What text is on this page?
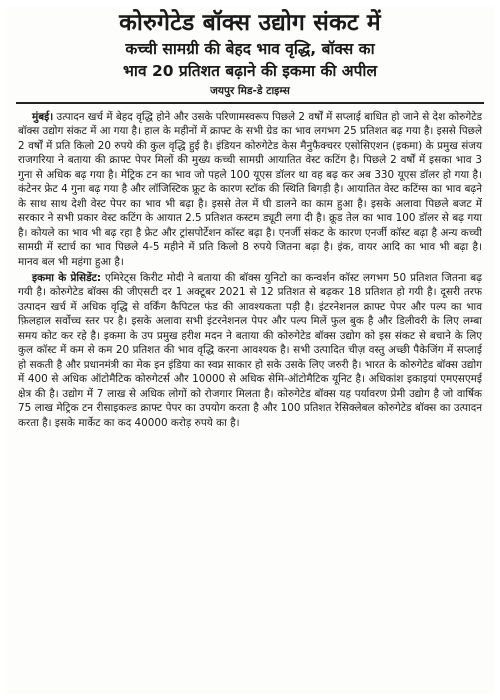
कोरुगेटेड बॉक्स उद्योग संकट में
कच्ची सामग्री की बेहद भाव वृद्धि, बॉक्स का
भाव 20 प्रतिशत बढ़ाने की इकमा की अपील
जयपुर मिड-डे टाइम्स

मुंबई। उत्पादन खर्च में बेहद वृद्धि होने और उसके परिणामस्वरूप पिछले 2 वर्षों में सप्लाई बाधित हो जाने से देश कोरुगेटेड बॉक्स उद्योग संकट में आ गया है। हाल के महीनों में क्राफ्ट के सभी ग्रेड का भाव लगभग 25 प्रतिशत बढ़ गया है। इससे पिछले 2 वर्षों में प्रति किलो 20 रुपये की कुल वृद्धि हुई है। इंडियन कोरुगेटेड केस मैनुफैक्चरर एसोसिएशन (इकमा) के प्रमुख संजय राजगरिया ने बताया की क्राफ्ट पेपर मिलों की मुख्य कच्ची सामग्री आयातित वेस्ट कटिंग है। पिछले 2 वर्षों में इसका भाव 3 गुना से अधिक बढ़ गया है। मेट्रिक टन का भाव जो पहले 100 यूएस डॉलर था वह बढ़ कर अब 330 यूएस डॉलर हो गया है। कंटेनर फ्रेट 4 गुना बढ़ गया है और लॉजिस्टिक फ्रूट के कारण स्टॉक की स्थिति बिगड़ी है। आयातित वेस्ट कटिंग्स का भाव बढ़ने के साथ साथ देशी वेस्ट पेपर का भाव भी बढ़ा है। इससे तेल में घी डालने का काम हुआ है। इसके अलावा पिछले बजट में सरकार ने सभी प्रकार वेस्ट कटिंग के आयात 2.5 प्रतिशत कस्टम ड्यूटी लगा दी है। क्रूड तेल का भाव 100 डॉलर से बढ़ गया है। कोयले का भाव भी बढ़ रहा है फ्रेट और ट्रांसपोर्टेशन कॉस्ट बढ़ा है। एनर्जी संकट के कारण एनर्जी कॉस्ट बढ़ा है अन्य कच्ची सामग्री में स्टार्च का भाव पिछले 4-5 महीने में प्रति किलो 8 रुपये जितना बढ़ा है। इंक, वायर आदि का भाव भी बढ़ा है। मानव बल भी महंगा हुआ है।

इकमा के प्रेसिडेंट: एमिरेट्स किरीट मोदी ने बताया की बॉक्स युनिटो का कन्वर्शन कॉस्ट लगभग 50 प्रतिशत जितना बढ़ गयी है। कोरुगेटेड बॉक्स की जीएसटी दर 1 अक्टूबर 2021 से 12 प्रतिशत से बढ़कर 18 प्रतिशत हो गयी है। दूसरी तरफ उत्पादन खर्च में अधिक वृद्धि से वर्किंग कैपिटल फंड की आवश्यकता पड़ी है। इंटरनेशनल क्राफ्ट पेपर और पल्प का भाव फ़िलहाल सर्वोच्च स्तर पर है। इसके अलावा सभी इंटरनेशनल पेपर और पल्प मिलें फुल बुक है और डिलीवरी के लिए लम्बा समय कोट कर रहे है। इकमा के उप प्रमुख हरीश मदन ने बताया की कोरुगेटेड बॉक्स उद्योग को इस संकट से बचाने के लिए कुल कॉस्ट में कम से कम 20 प्रतिशत की भाव वृद्धि करना आवश्यक है। सभी उत्पादित चीज़ वस्तु अच्छी पैकेजिंग में सप्लाई हो सकती है और प्रधानमंत्री का मेक इन इंडिया का स्वप्न साकार हो सके उसके लिए जरुरी है। भारत के कोरुगेटेड बॉक्स उद्योग में 400 से अधिक ऑटोमैटिक कोरुगेटर्स और 10000 से अधिक सेमि-ऑटोमैटिक यूनिट है। अधिकांश इकाइयां एमएसएमई क्षेत्र की है। उद्योग में 7 लाख से अधिक लोगों को रोजगार मिलता है। कोरुगेटेड बॉक्स यह पर्यावरण प्रेमी उद्योग है जो वार्षिक 75 लाख मेट्रिक टन रीसाइकल्ड क्राफ्ट पेपर का उपयोग करता है और 100 प्रतिशत रेसिक्लेबल कोरुगेटेड बॉक्स का उत्पादन करता है। इसके मार्केट का कद 40000 करोड़ रुपये का है।
